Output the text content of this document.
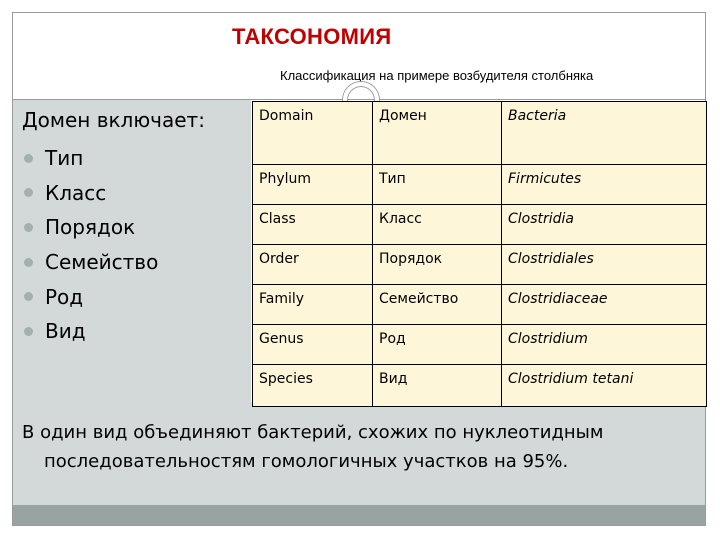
ТАКСОНОМИЯ

Классификация на примере возбудителя столбняка

Домен включает:
Тип
Класс
Порядок
Семейство
Род
Вид
Domain	Домен	Bacteria
Phylum	Тип	Firmicutes
Class	Класс	Clostridia
Order	Порядок	Clostridiales
Family	Семейство	Clostridiaceae
Genus	Род	Clostridium
Species	Вид	Clostridium tetani

В один вид объединяют бактерий, схожих по нуклеотидным последовательностям гомологичных участков на 95%.
